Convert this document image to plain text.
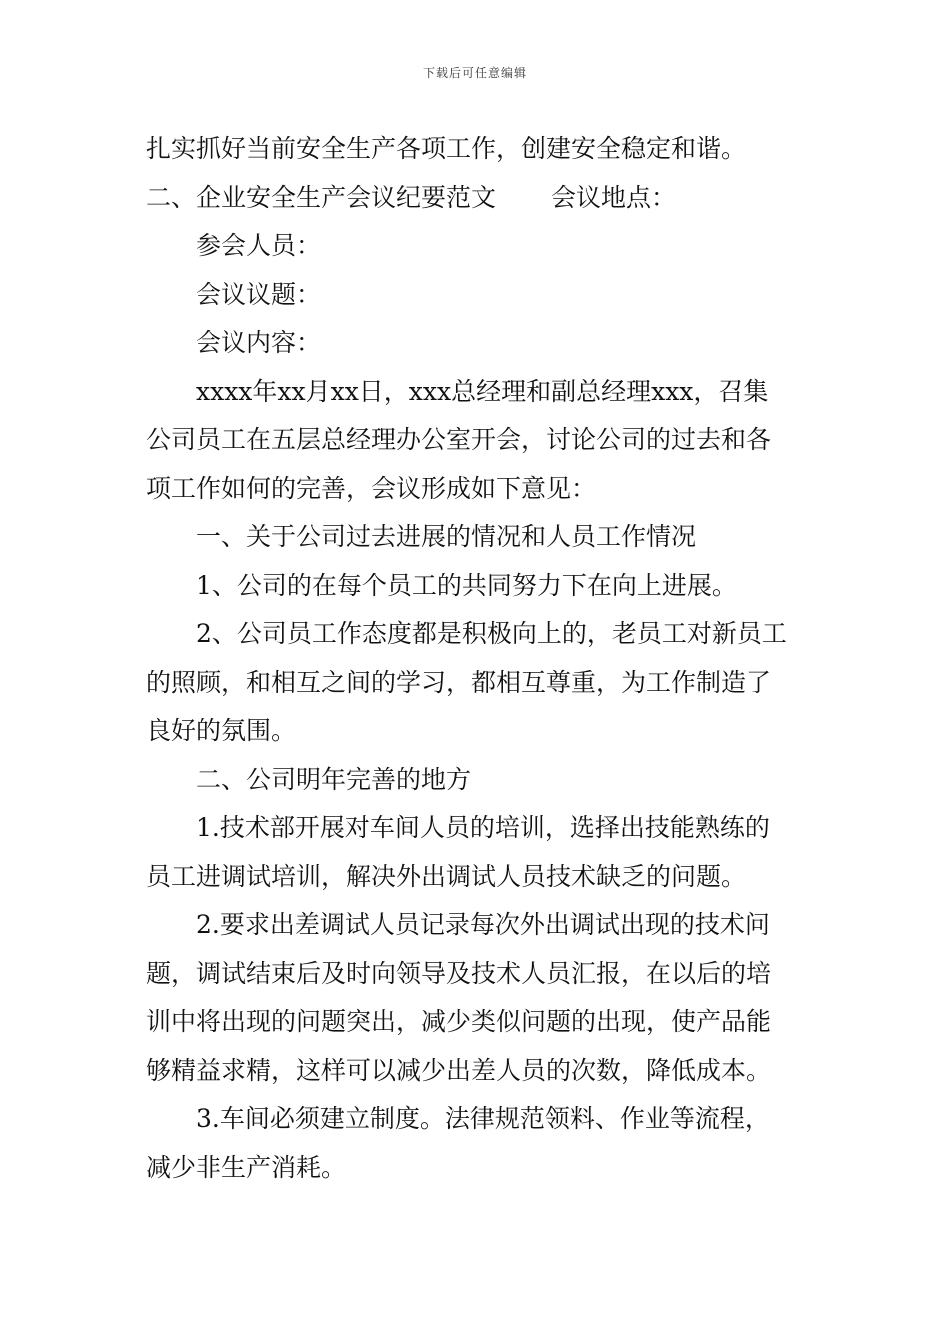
下载后可任意编辑
扎实抓好当前安全生产各项工作，创建安全稳定和谐。
二、企业安全生产会议纪要范文 会议地点：
参会人员：
会议议题：
会议内容：
xxxx年xx月xx日，xxx总经理和副总经理xxx，召集
公司员工在五层总经理办公室开会，讨论公司的过去和各
项工作如何的完善，会议形成如下意见：
一、关于公司过去进展的情况和人员工作情况
1、公司的在每个员工的共同努力下在向上进展。
2、公司员工作态度都是积极向上的，老员工对新员工
的照顾，和相互之间的学习，都相互尊重，为工作制造了
良好的氛围。
二、公司明年完善的地方
1.技术部开展对车间人员的培训，选择出技能熟练的
员工进调试培训，解决外出调试人员技术缺乏的问题。
2.要求出差调试人员记录每次外出调试出现的技术问
题，调试结束后及时向领导及技术人员汇报，在以后的培
训中将出现的问题突出，减少类似问题的出现，使产品能
够精益求精，这样可以减少出差人员的次数，降低成本。
3.车间必须建立制度。法律规范领料、作业等流程，
减少非生产消耗。
